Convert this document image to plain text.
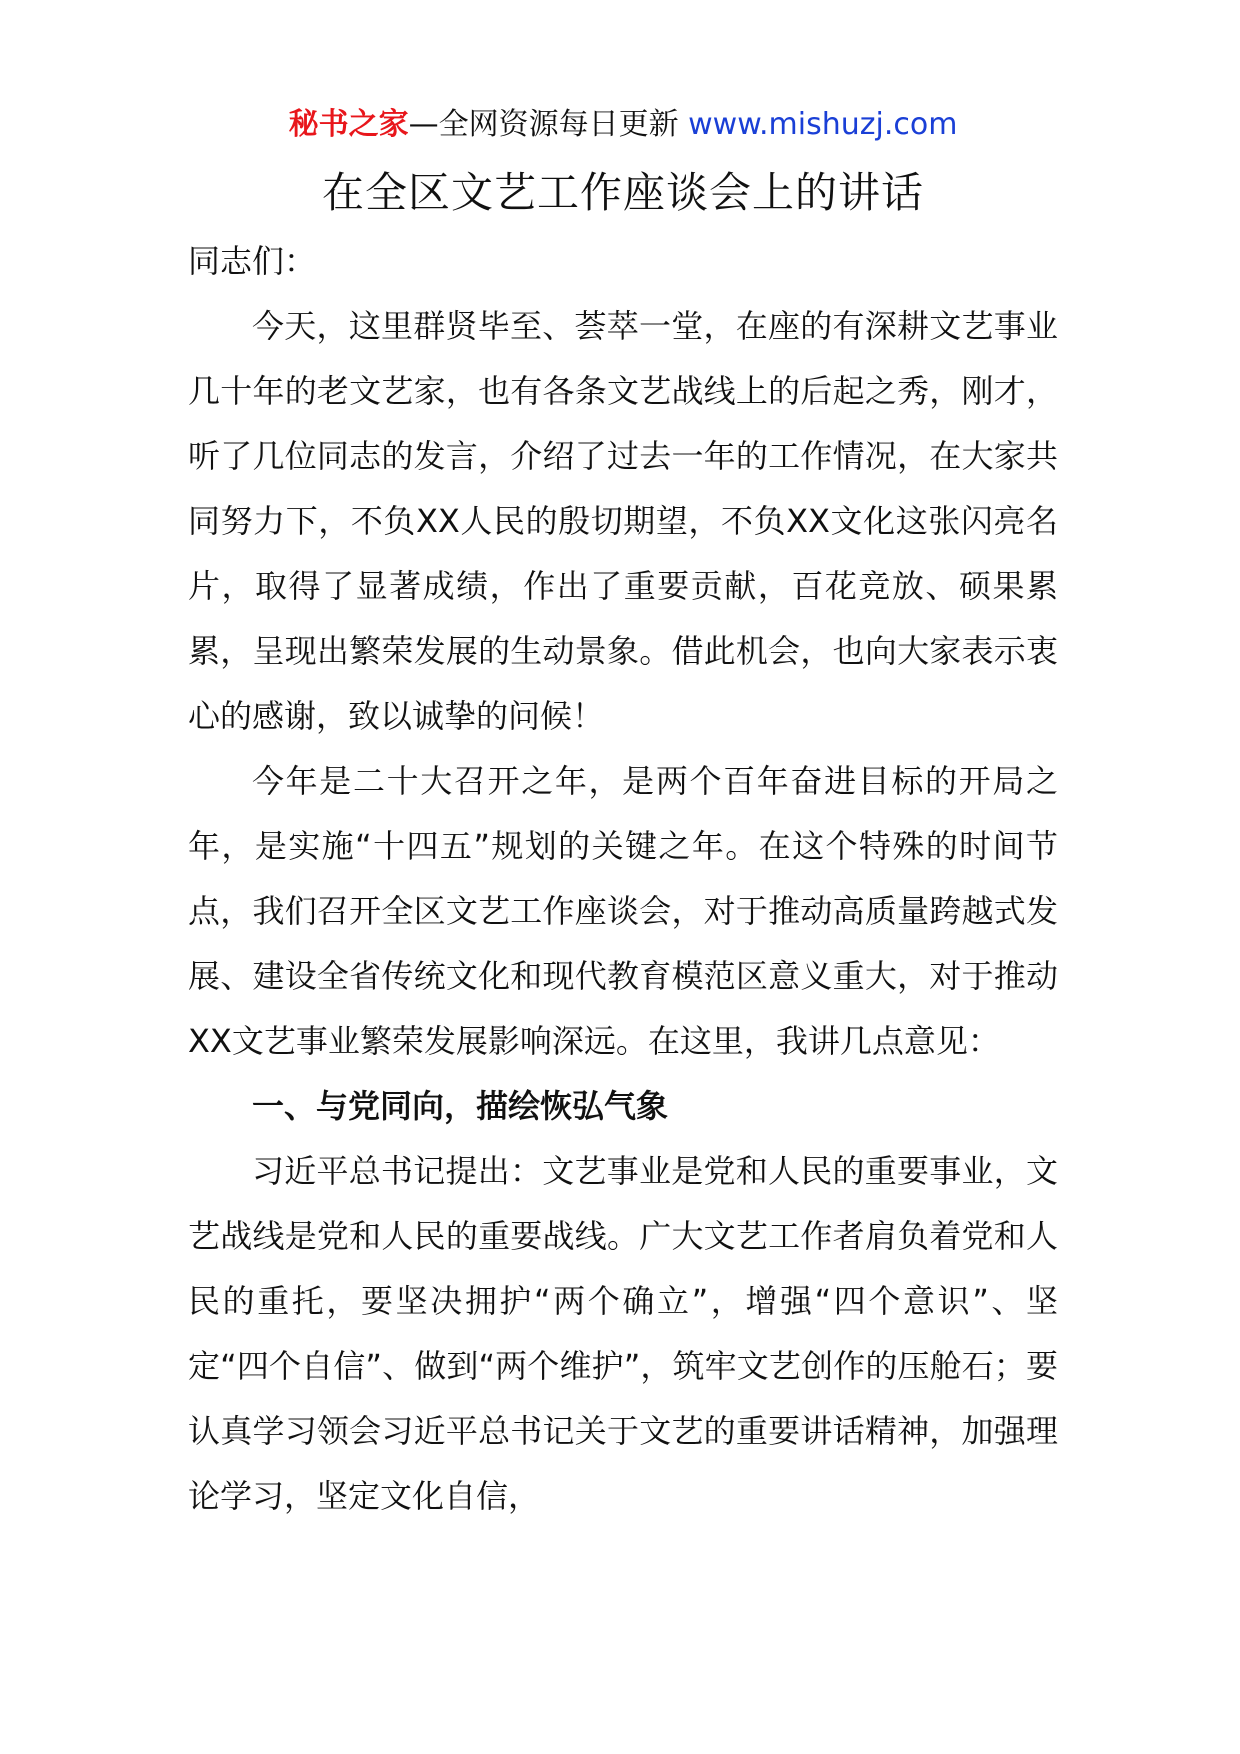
秘书之家—全网资源每日更新 www.mishuzj.com
在全区文艺工作座谈会上的讲话

同志们：

今天，这里群贤毕至、荟萃一堂，在座的有深耕文艺事业几十年的老文艺家，也有各条文艺战线上的后起之秀，刚才，听了几位同志的发言，介绍了过去一年的工作情况，在大家共同努力下，不负XX人民的殷切期望，不负XX文化这张闪亮名片，取得了显著成绩，作出了重要贡献，百花竞放、硕果累累，呈现出繁荣发展的生动景象。借此机会，也向大家表示衷心的感谢，致以诚挚的问候！

今年是二十大召开之年，是两个百年奋进目标的开局之年，是实施“十四五”规划的关键之年。在这个特殊的时间节点，我们召开全区文艺工作座谈会，对于推动高质量跨越式发展、建设全省传统文化和现代教育模范区意义重大，对于推动XX文艺事业繁荣发展影响深远。在这里，我讲几点意见：

一、与党同向，描绘恢弘气象

习近平总书记提出：文艺事业是党和人民的重要事业，文艺战线是党和人民的重要战线。广大文艺工作者肩负着党和人民的重托，要坚决拥护“两个确立”，增强“四个意识”、坚定“四个自信”、做到“两个维护”，筑牢文艺创作的压舱石；要认真学习领会习近平总书记关于文艺的重要讲话精神，加强理论学习，坚定文化自信，
